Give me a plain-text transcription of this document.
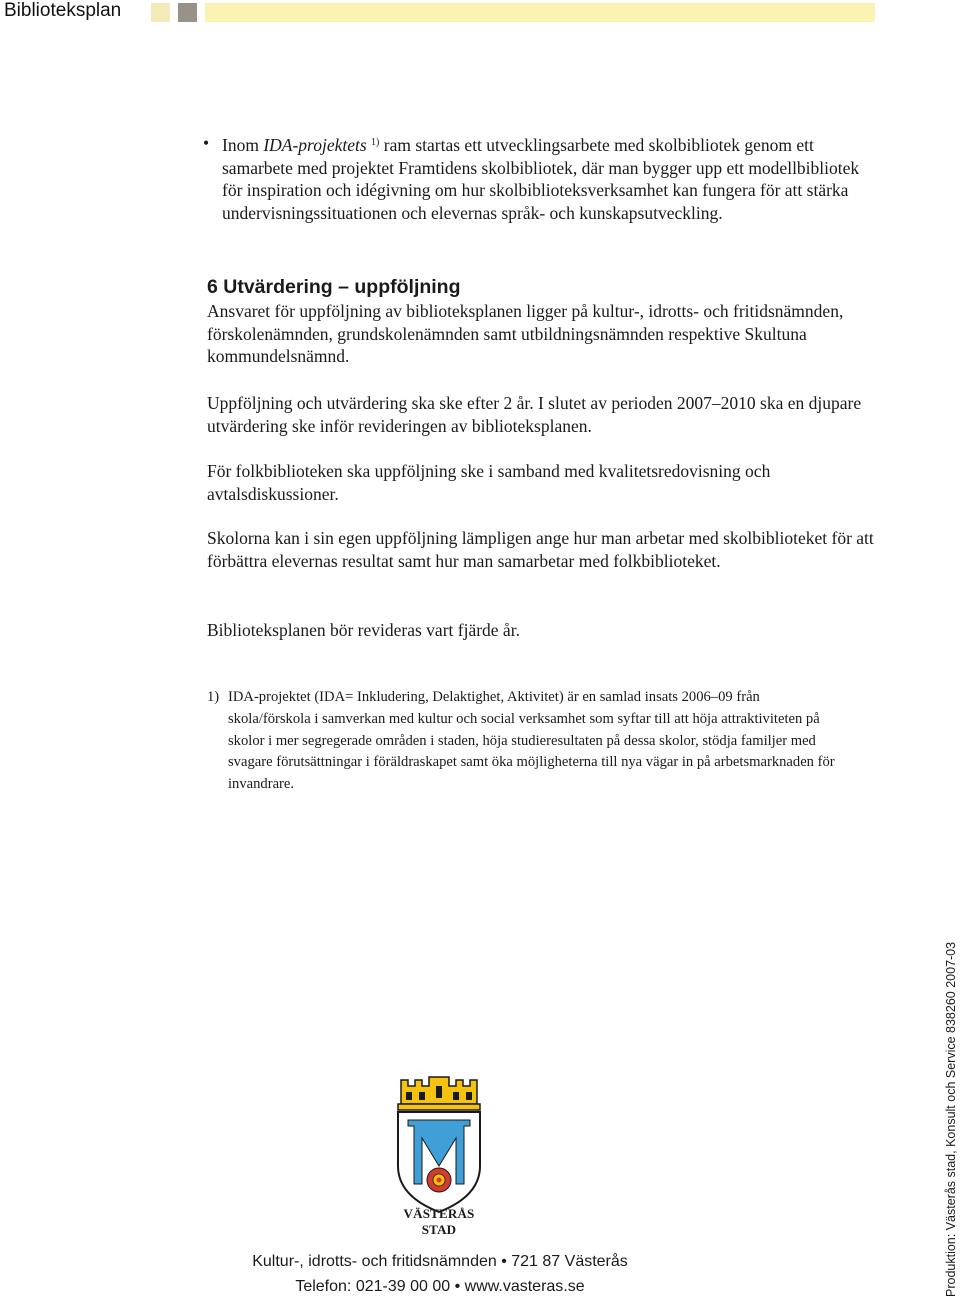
Biblioteksplan
• Inom IDA-projektets $^{1)}$ ram startas ett utvecklingsarbete med skolbibliotek genom ett samarbete med projektet Framtidens skolbibliotek, där man bygger upp ett modellbibliotek för inspiration och idégivning om hur skolbiblioteksverksamhet kan fungera för att stärka undervisningssituationen och elevernas språk- och kunskapsutveckling.
6 Utvärdering – uppföljning
Ansvaret för uppföljning av biblioteksplanen ligger på kultur-, idrotts- och fritidsnämnden, förskolenämnden, grundskolenämnden samt utbildningsnämnden respektive Skultuna kommundelsnämnd.
Uppföljning och utvärdering ska ske efter 2 år. I slutet av perioden 2007–2010 ska en djupare utvärdering ske inför revideringen av biblioteksplanen.
För folkbiblioteken ska uppföljning ske i samband med kvalitetsredovisning och avtalsdiskussioner.
Skolorna kan i sin egen uppföljning lämpligen ange hur man arbetar med skolbiblioteket för att förbättra elevernas resultat samt hur man samarbetar med folkbiblioteket.
Biblioteksplanen bör revideras vart fjärde år.
1) IDA-projektet (IDA= Inkludering, Delaktighet, Aktivitet) är en samlad insats 2006–09 från skola/förskola i samverkan med kultur och social verksamhet som syftar till att höja attraktiviteten på skolor i mer segregerade områden i staden, höja studieresultaten på dessa skolor, stödja familjer med svagare förutsättningar i föräldraskapet samt öka möjligheterna till nya vägar in på arbetsmarknaden för invandrare.
VÄSTERÅS STAD
Kultur-, idrotts- och fritidsnämnden • 721 87 Västerås
Telefon: 021-39 00 00 • www.vasteras.se	Produktion: Västerås stad, Konsult och Service 838260 2007-03
